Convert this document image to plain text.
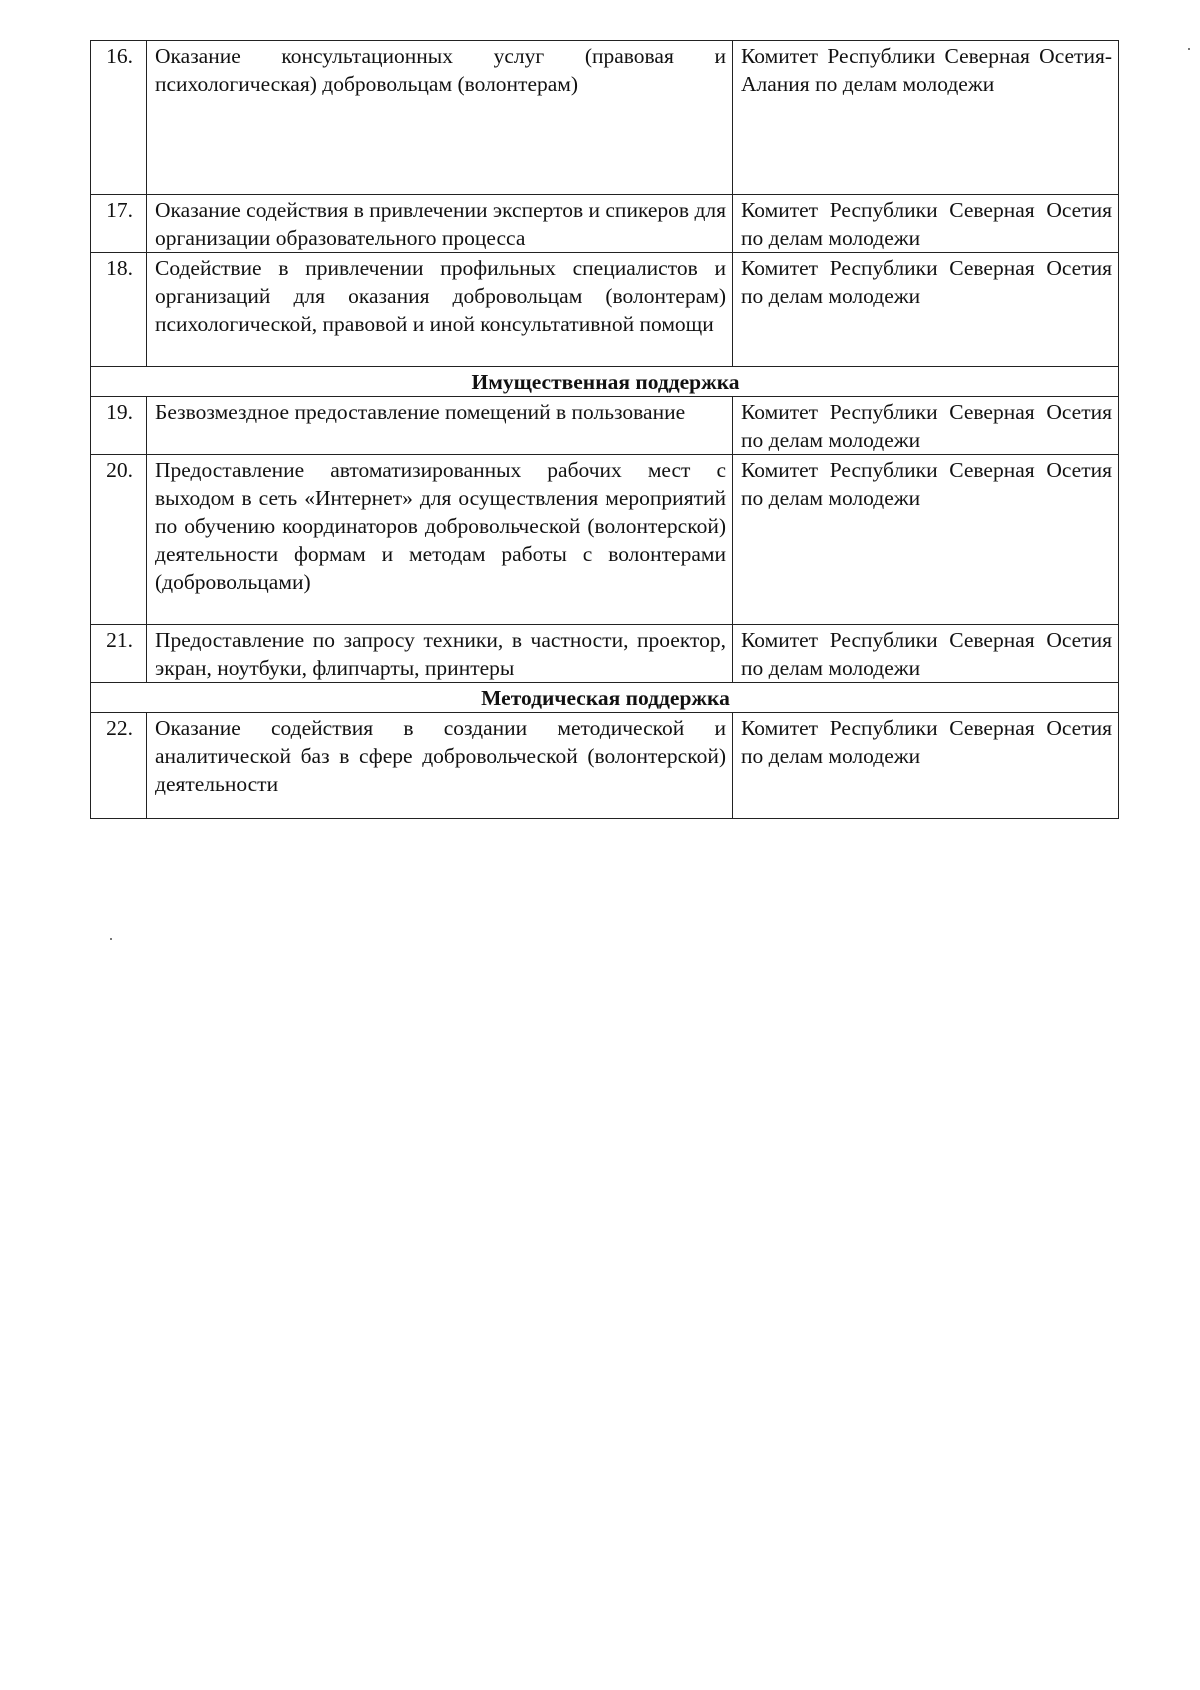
16.	Оказание консультационных услуг (правовая и психологическая) добровольцам (волонтерам)	Комитет Республики Северная Осетия-Алания по делам молодежи
17.	Оказание содействия в привлечении экспертов и спикеров для организации образовательного процесса	Комитет Республики Северная Осетия по делам молодежи
18.	Содействие в привлечении профильных специалистов и организаций для оказания добровольцам (волонтерам) психологической, правовой и иной консультативной помощи	Комитет Республики Северная Осетия по делам молодежи
Имущественная поддержка		
19.	Безвозмездное предоставление помещений в пользование	Комитет Республики Северная Осетия по делам молодежи
20.	Предоставление автоматизированных рабочих мест с выходом в сеть «Интернет» для осуществления мероприятий по обучению координаторов добровольческой (волонтерской) деятельности формам и методам работы с волонтерами (добровольцами)	Комитет Республики Северная Осетия по делам молодежи
21.	Предоставление по запросу техники, в частности, проектор, экран, ноутбуки, флипчарты, принтеры	Комитет Республики Северная Осетия по делам молодежи
Методическая поддержка		
22.	Оказание содействия в создании методической и аналитической баз в сфере добровольческой (волонтерской) деятельности	Комитет Республики Северная Осетия по делам молодежи
